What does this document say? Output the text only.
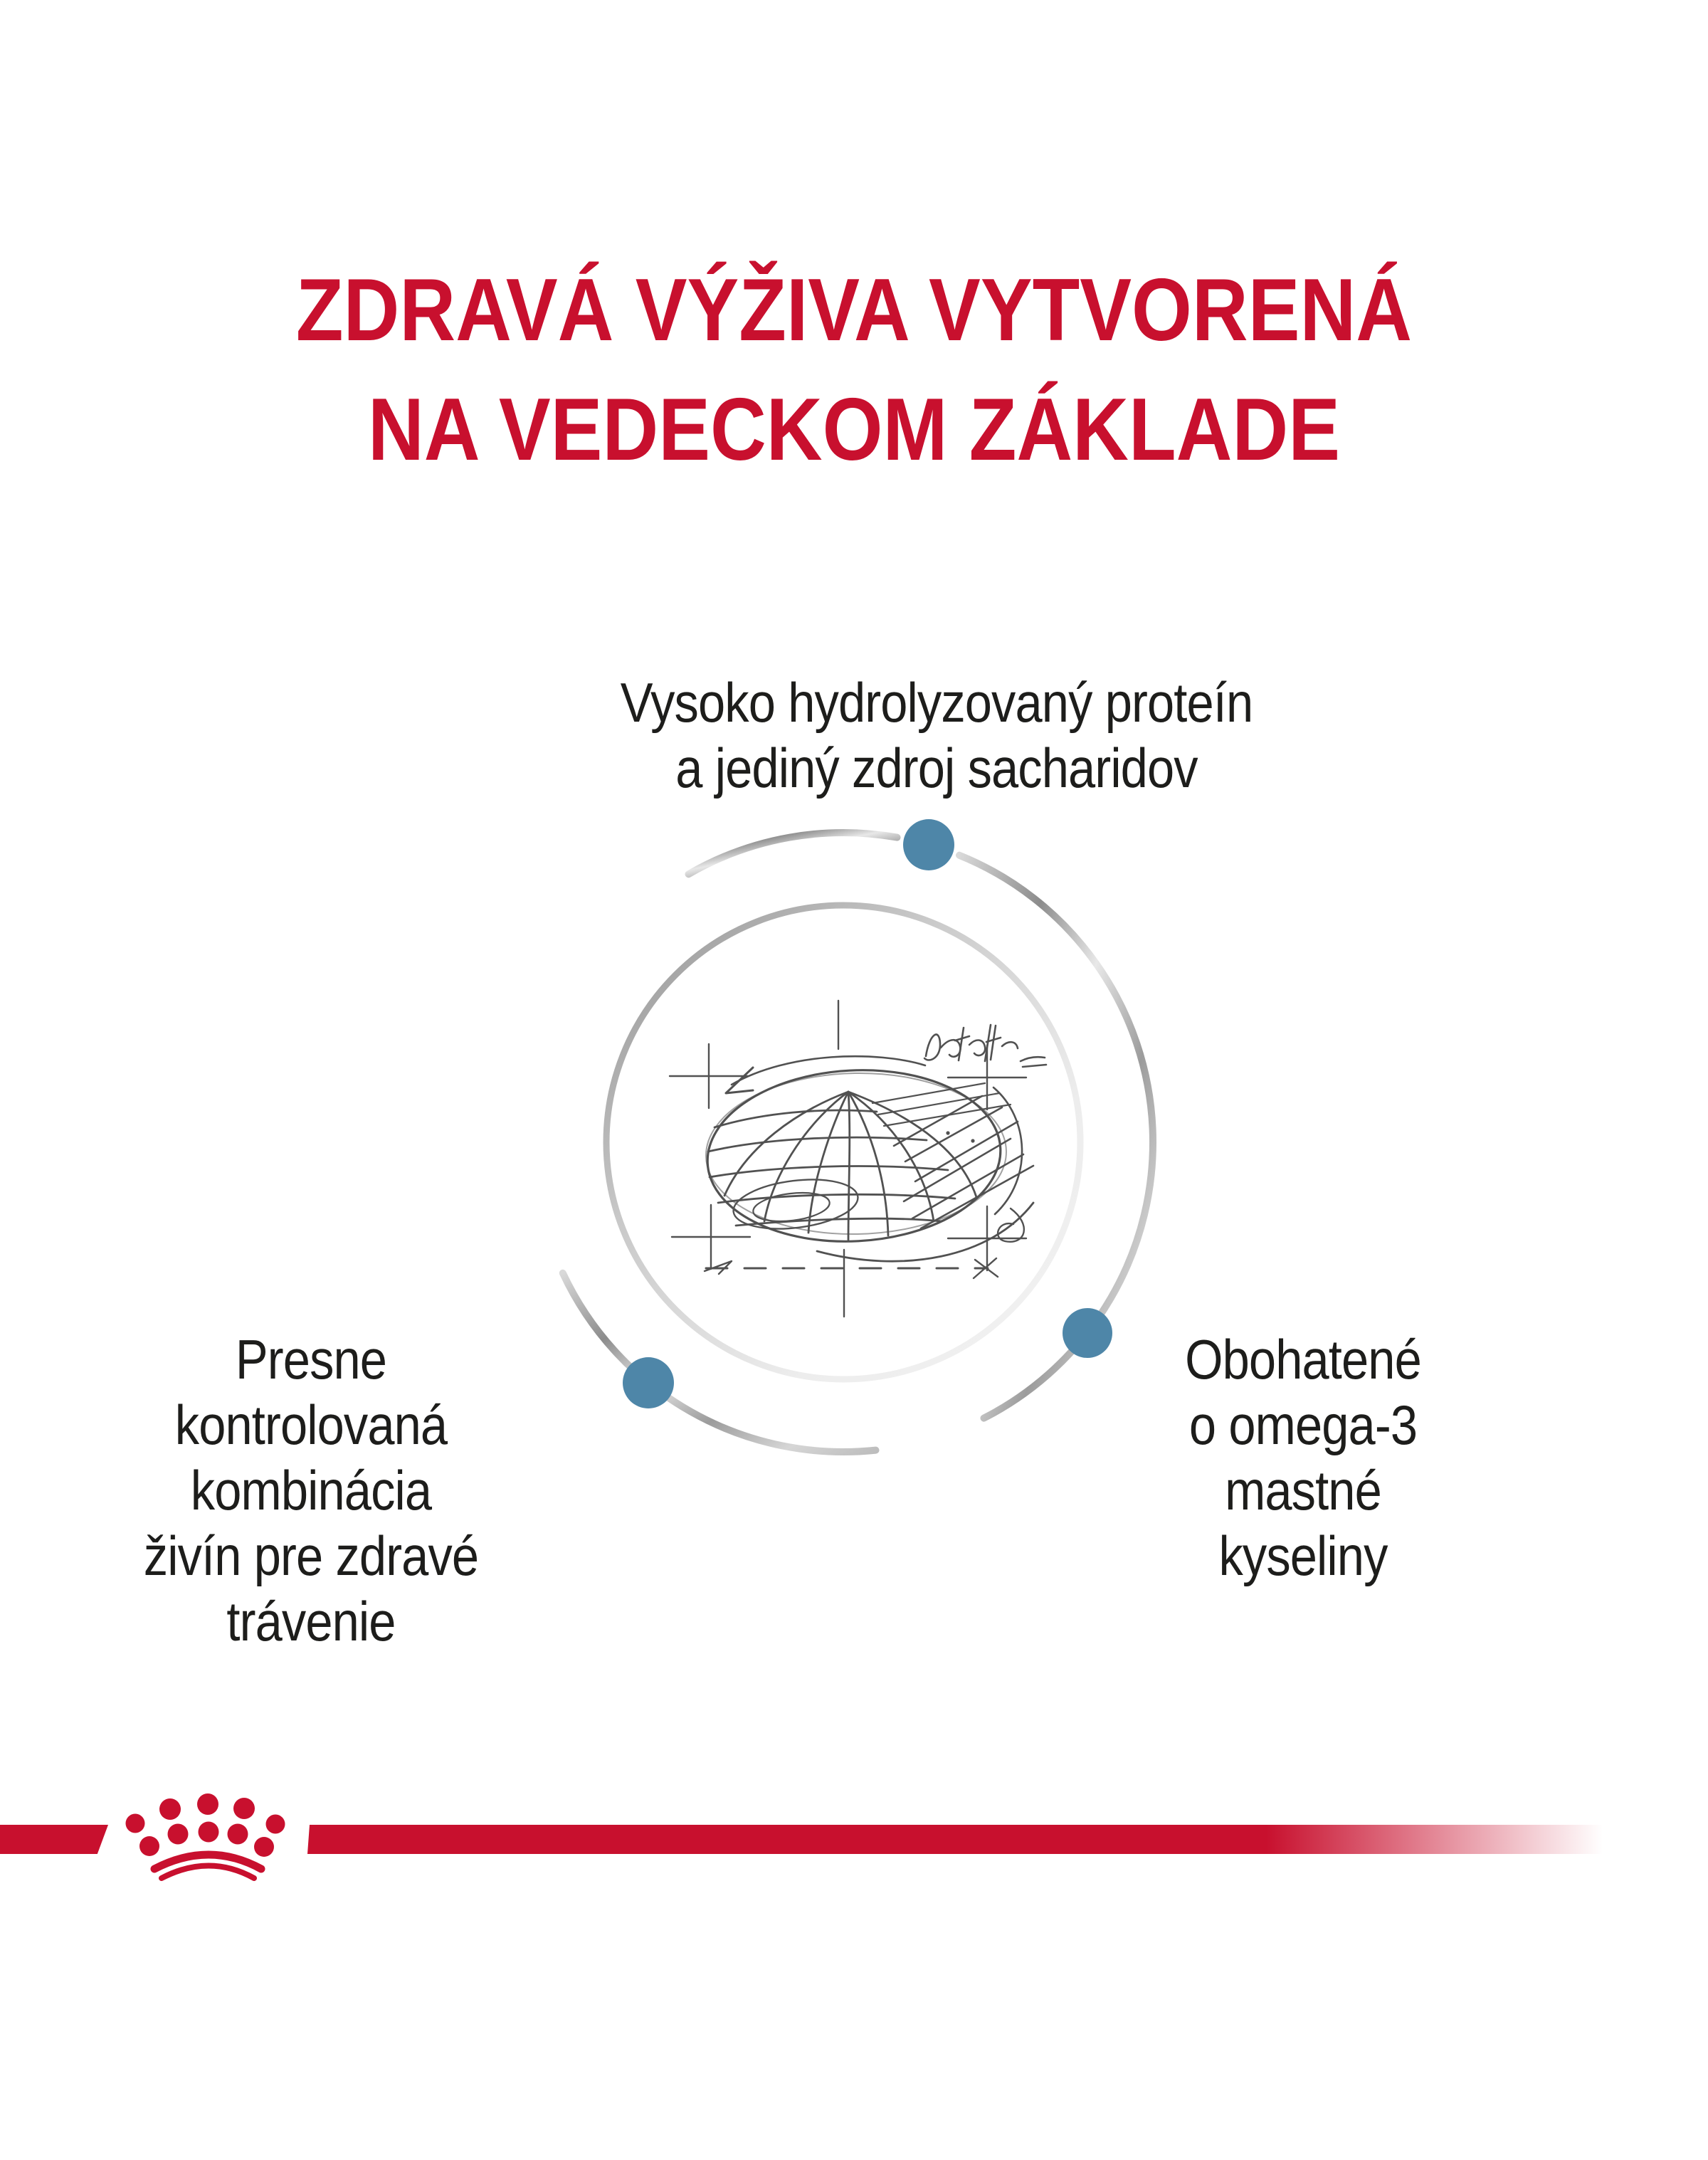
ZDRAVÁ VÝŽIVA VYTVORENÁ
NA VEDECKOM ZÁKLADE
Vysoko hydrolyzovaný proteín
a jediný zdroj sacharidov
Presne
kontrolovaná
kombinácia
živín pre zdravé
trávenie
Obohatené
o omega-3
mastné
kyseliny
